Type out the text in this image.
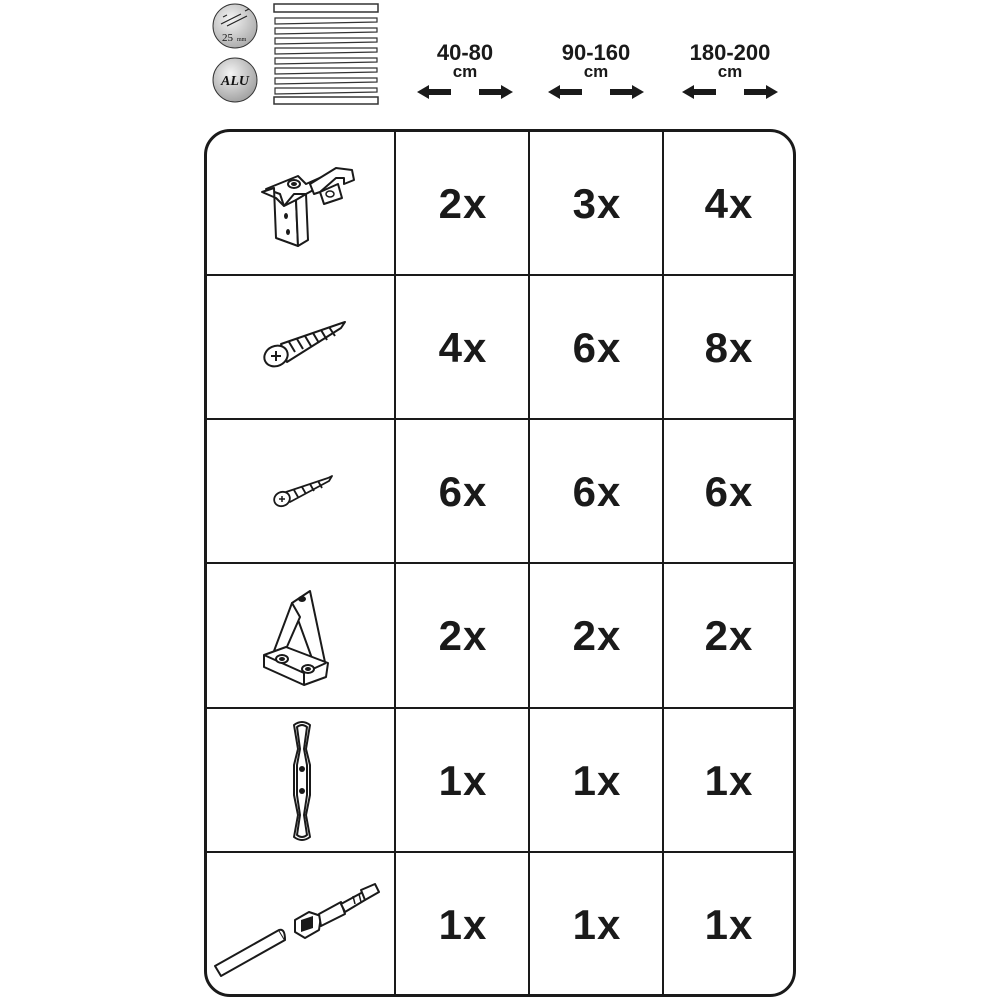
25 mm
ALU
40-80
cm
90-160
cm
180-200
cm
2x	3x	4x
4x	6x	8x
6x	6x	6x
2x	2x	2x
1x	1x	1x
1x	1x	1x
